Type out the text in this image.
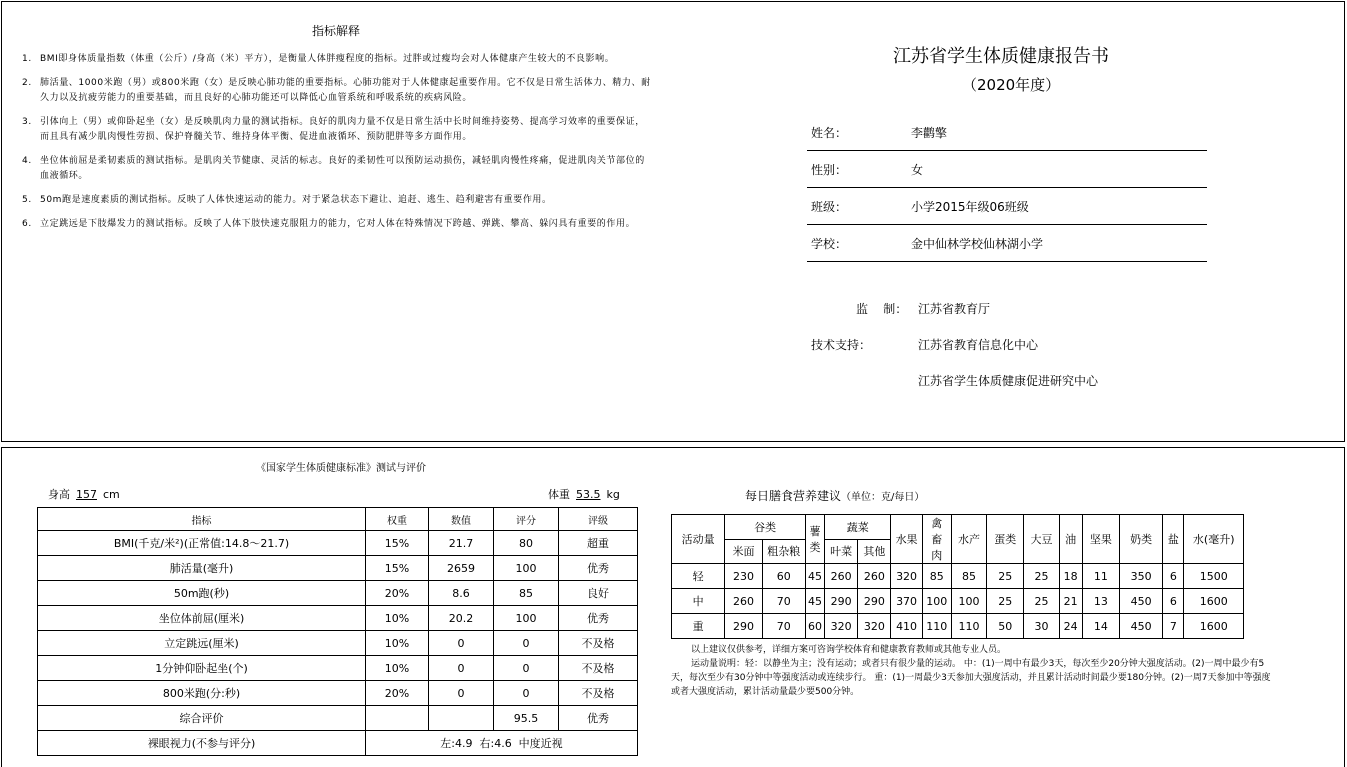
指标解释
1. BMI即身体质量指数（体重（公斤）/身高（米）平方），是衡量人体胖瘦程度的指标。过胖或过瘦均会对人体健康产生较大的不良影响。
2. 肺活量、1000米跑（男）或800米跑（女）是反映心肺功能的重要指标。心肺功能对于人体健康起重要作用。它不仅是日常生活体力、精力、耐久力以及抗疲劳能力的重要基础，而且良好的心肺功能还可以降低心血管系统和呼吸系统的疾病风险。
3. 引体向上（男）或仰卧起坐（女）是反映肌肉力量的测试指标。良好的肌肉力量不仅是日常生活中长时间维持姿势、提高学习效率的重要保证，而且具有减少肌肉慢性劳损、保护脊髓关节、维持身体平衡、促进血液循环、预防肥胖等多方面作用。
4. 坐位体前屈是柔韧素质的测试指标。是肌肉关节健康、灵活的标志。良好的柔韧性可以预防运动损伤，减轻肌肉慢性疼痛，促进肌肉关节部位的血液循环。
5. 50m跑是速度素质的测试指标。反映了人体快速运动的能力。对于紧急状态下避让、追赶、逃生、趋利避害有重要作用。
6. 立定跳远是下肢爆发力的测试指标。反映了人体下肢快速克服阻力的能力，它对人体在特殊情况下跨越、弹跳、攀高、躲闪具有重要的作用。
江苏省学生体质健康报告书
（2020年度）
姓名：	李鹳擎
性别：	女
班级：	小学2015年级06班级
学校：	金中仙林学校仙林湖小学
监    制： 江苏省教育厅
技术支持：	江苏省教育信息化中心
江苏省学生体质健康促进研究中心
《国家学生体质健康标准》测试与评价
身高 157 cm	体重 53.5 kg
指标	权重	数值	评分	评级
BMI(千克/米²)(正常值:14.8～21.7)	15%	21.7	80	超重
肺活量(毫升)	15%	2659	100	优秀
50m跑(秒)	20%	8.6	85	良好
坐位体前屈(厘米)	10%	20.2	100	优秀
立定跳远(厘米)	10%	0	0	不及格
1分钟仰卧起坐(个)	10%	0	0	不及格
800米跑(分:秒)	20%	0	0	不及格
综合评价			95.5	优秀
裸眼视力(不参与评分)	左:4.9  右:4.6  中度近视			
每日膳食营养建议（单位：克/每日）
活动量	谷类		薯类	蔬菜		水果	禽畜肉	水产	蛋类	大豆	油	坚果	奶类	盐	水(毫升)
	米面	粗杂粮		叶菜	其他										
轻	230	60	45	260	260	320	85	85	25	25	18	11	350	6	1500
中	260	70	45	290	290	370	100	100	25	25	21	13	450	6	1600
重	290	70	60	320	320	410	110	110	50	30	24	14	450	7	1600

以上建议仅供参考，详细方案可咨询学校体育和健康教育教师或其他专业人员。

运动量说明：轻：以静坐为主；没有运动；或者只有很少量的运动。 中：(1)一周中有最少3天，每次至少20分钟大强度活动。(2)一周中最少有5天，每次至少有30分钟中等强度活动或连续步行。 重：(1)一周最少3天参加大强度活动，并且累计活动时间最少要180分钟。(2)一周7天参加中等强度或者大强度活动，累计活动量最少要500分钟。
